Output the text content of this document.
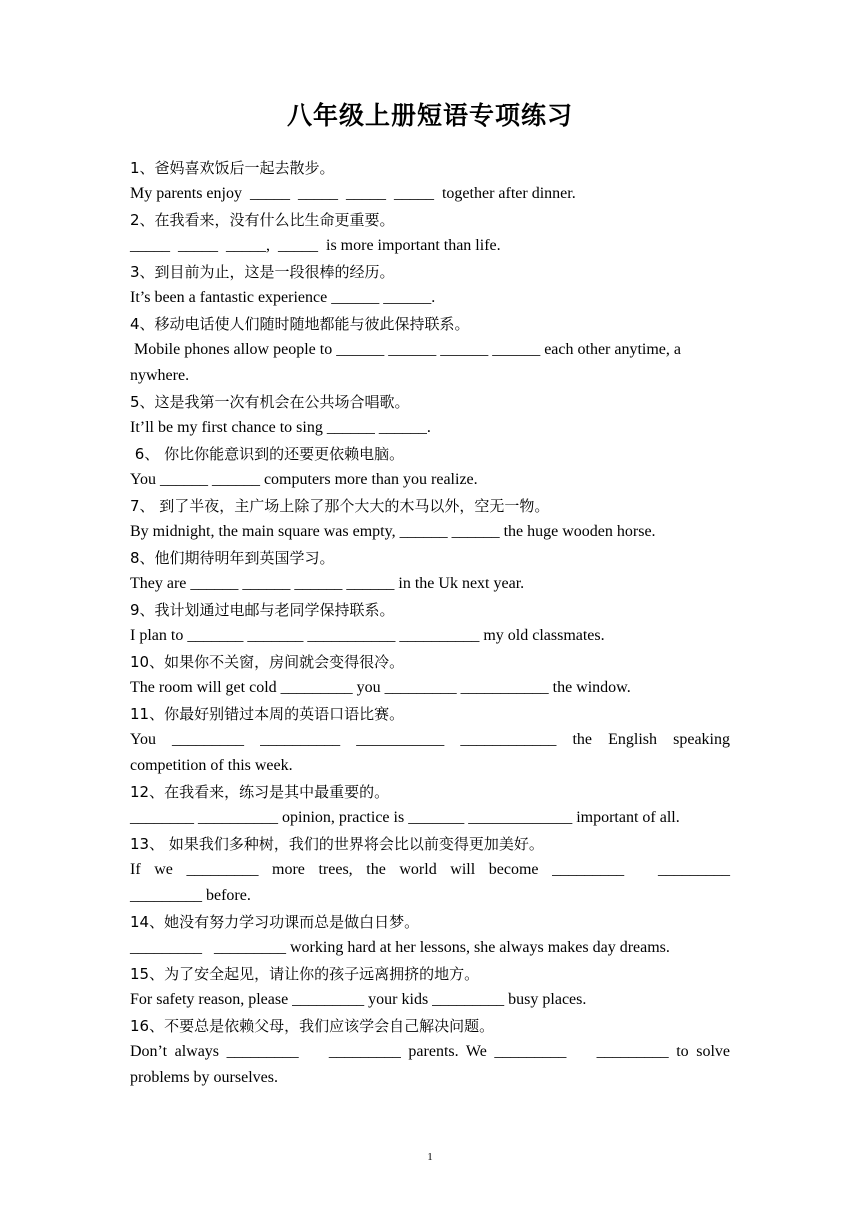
八年级上册短语专项练习
1、爸妈喜欢饭后一起去散步。
My parents enjoy  _____  _____  _____  _____  together after dinner.
2、在我看来，没有什么比生命更重要。
_____  _____  _____,  _____  is more important than life.
3、到目前为止，这是一段很棒的经历。
It’s been a fantastic experience ______ ______.
4、移动电话使人们随时随地都能与彼此保持联系。
Mobile phones allow people to ______ ______ ______ ______ each other anytime, a
nywhere.
5、这是我第一次有机会在公共场合唱歌。
It’ll be my first chance to sing ______ ______.
6、 你比你能意识到的还要更依赖电脑。
You ______ ______ computers more than you realize.
7、 到了半夜，主广场上除了那个大大的木马以外，空无一物。
By midnight, the main square was empty, ______ ______ the huge wooden horse.
8、他们期待明年到英国学习。
They are ______ ______ ______ ______ in the Uk next year.
9、我计划通过电邮与老同学保持联系。
I plan to _______ _______ ___________ __________ my old classmates.
10、如果你不关窗，房间就会变得很冷。
The room will get cold _________ you _________ ___________ the window.
11、你最好别错过本周的英语口语比赛。
You  _________  __________  ___________  ____________  the  English  speaking
competition of this week.
12、在我看来，练习是其中最重要的。
________ __________ opinion, practice is _______ _____________ important of all.
13、 如果我们多种树，我们的世界将会比以前变得更加美好。
If  we  _________  more  trees,  the  world  will  become  _________     _________
_________ before.
14、她没有努力学习功课而总是做白日梦。
_________   _________ working hard at her lessons, she always makes day dreams.
15、为了安全起见，请让你的孩子远离拥挤的地方。
For safety reason, please _________ your kids _________ busy places.
16、不要总是依赖父母，我们应该学会自己解决问题。
Don’t always _________    _________ parents. We _________    _________ to solve
problems by ourselves.
1
